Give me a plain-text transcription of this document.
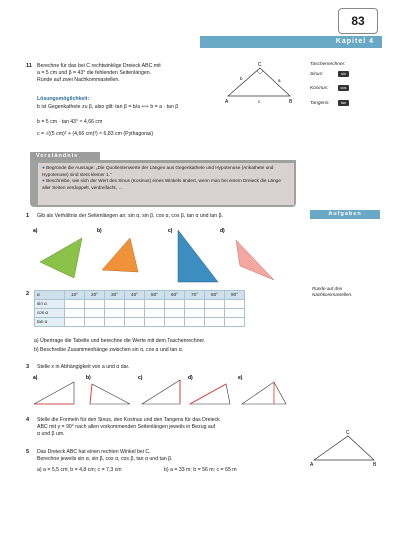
83
Kapitel 4
11 Berechne für das bei C rechtwinklige Dreieck ABC mit
a = 5 cm und β = 43° die fehlenden Seitenlängen.
Runde auf zwei Nachkommastellen.
Lösungsmöglichkeit:
b ist Gegenkathete zu β, also gilt: tan β = b/a ⟺ b = a · tan β
b = 5 cm · tan 43° ≈ 4,66 cm
c = √((5 cm)² + (4,66 cm)²) ≈ 6,83 cm (Pythagoras)
A	B
C
a
b
c
Taschenrechner:
Sinus:	sin
Kosinus:	cos
Tangens:	tan
Verständnis
● Begründe die Aussage: „Die Quotientenwerte der Längen aus Gegenkathete und Hypotenuse (Ankathete und Hypotenuse) sind stets kleiner 1.“
● Beschreibe, wie sich der Wert des Sinus (Kosinus) eines Winkels ändert, wenn man bei einem Dreieck die Länge aller Seiten verdoppelt, verdreifacht, …
Aufgaben
1 Gib als Verhältnis der Seitenlängen an: sin α, sin β, cos α, cos β, tan α und tan β.
a)	b)	c)	d)
2
Runde auf drei Nachkommastellen.
α	10°	20°	30°	40°	50°	60°	70°	80°	90°
sin α									
cos α									
tan α									
a) Übertrage die Tabelle und berechne die Werte mit dem Taschenrechner.
b) Beschreibe Zusammenhänge zwischen sin α, cos α und tan α.
3 Stelle x in Abhängigkeit von a und α dar.
a)	b)	c)	d)	e)
4 Stelle die Formeln für den Sinus, den Kosinus und den Tangens für das Dreieck
ABC mit γ = 90° nach allen vorkommenden Seitenlängen jeweils in Bezug auf
α und β um.
5 Das Dreieck ABC hat einen rechten Winkel bei C.
Berechne jeweils sin α, sin β, cos α, cos β, tan α und tan β.
a) a = 5,5 cm; b = 4,8 cm; c = 7,3 cm	b) a = 33 m; b = 56 m; c = 65 m
A	B
C
